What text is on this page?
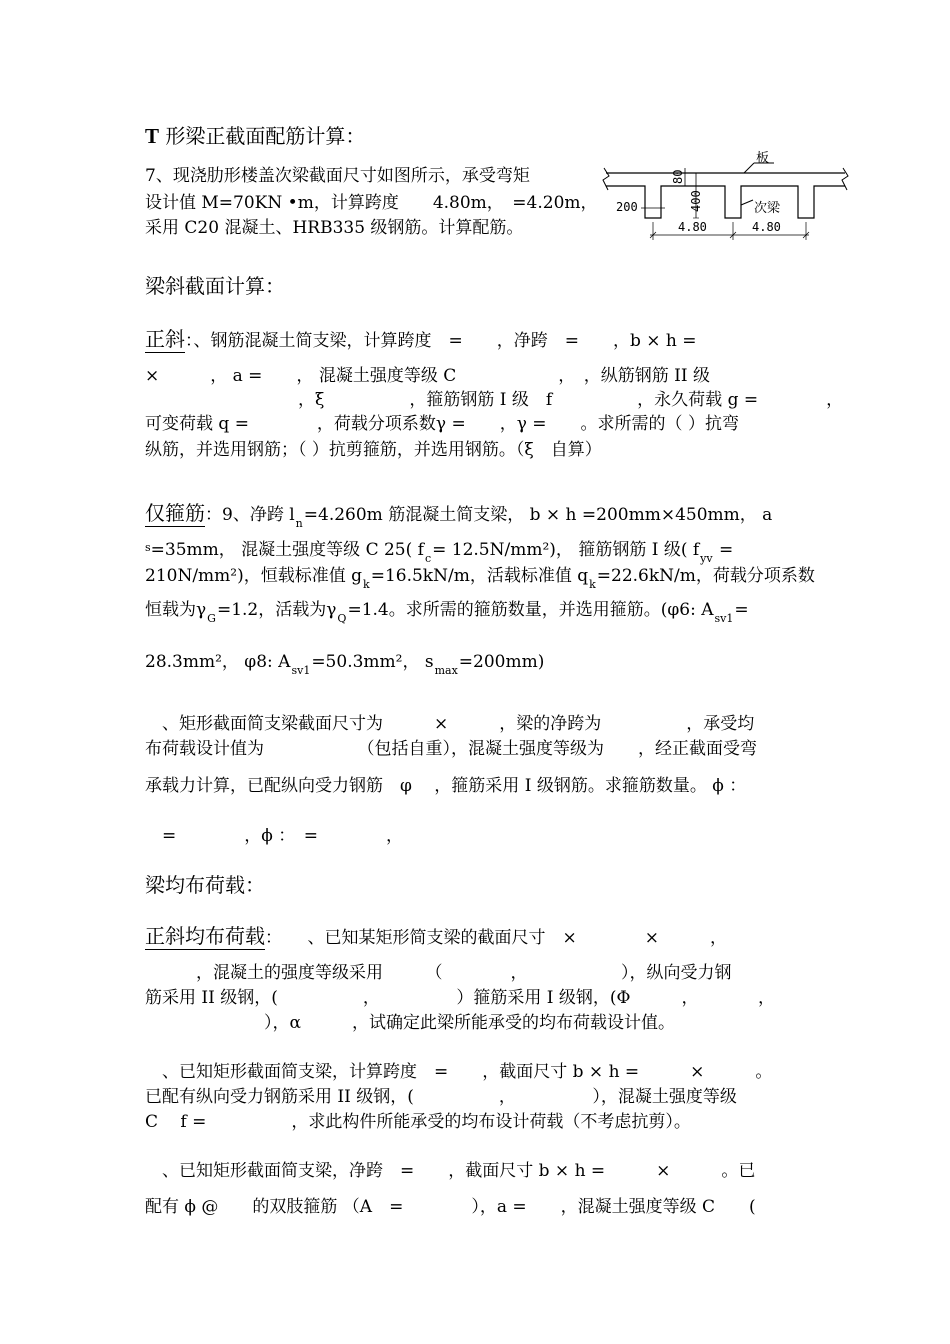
T 形梁正截面配筋计算：
7、现浇肋形楼盖次梁截面尺寸如图所示，承受弯矩
设计值 M=70KN •m，计算跨度　　4.80m，　=4.20m，
采用 C20 混凝土、HRB335 级钢筋。计算配筋。
板
次梁
80
400
200
4.80	4.80
梁斜截面计算：
正斜：、钢筋混凝土简支梁，计算跨度　=　　，净跨　=　　，b × h =
×　　　， a =　　， 混凝土强度等级 C　　　　　　，　，纵筋钢筋 II 级
　　　　　　　　　，ξ　　　　　，箍筋钢筋 I 级　f　　　　　，永久荷载 g =　　　　，
可变荷载 q =　　　　，荷载分项系数γ =　　，γ =　　。求所需的（ ）抗弯
纵筋，并选用钢筋；（ ）抗剪箍筋，并选用钢筋。（ξ　自算）
仅箍筋：9、净跨 $l_n=4.260m$ 筋混凝土简支梁， b × h =200mm×450mm， a
$^s$=35mm， 混凝土强度等级 C 25( $f_c= 12.5N/mm^2$)， 箍筋钢筋 I 级( $f_{yv}$ =
210N/mm²)，恒载标准值 $g_k=16.5kN/m$，活载标准值 $q_k=22.6kN/m$，荷载分项系数
恒载为$\gamma_G=1.2$，活载为$\gamma_Q=1.4$。求所需的箍筋数量，并选用箍筋。(φ6: $A_{sv1}=$
28.3mm²， φ8: $A_{sv1}=50.3mm^2$， $s_{max}=200mm$)
　、矩形截面简支梁截面尺寸为　　　×　　　，梁的净跨为　　　　　，承受均
布荷载设计值为　　　　　　（包括自重），混凝土强度等级为　　，经正截面受弯
承载力计算，已配纵向受力钢筋　φ　 ，箍筋采用 I 级钢筋。求箍筋数量。 ϕ ：
　=　　　　，ϕ ：　=　　　　，
梁均布荷载：
正斜均布荷载：　　、已知某矩形简支梁的截面尺寸　×　　　　×　　　，
　　　，混凝土的强度等级采用　　　（　　　　，　　　　　　），纵向受力钢
筋采用 II 级钢，(　　　　　，　　　　　）箍筋采用 I 级钢，(Φ　　　，　　　　，
　　　　　　　），α　　　，试确定此梁所能承受的均布荷载设计值。
　、已知矩形截面简支梁，计算跨度　=　　，截面尺寸 b × h =　　　×　　　。
已配有纵向受力钢筋采用 II 级钢，(　　　　　，　　　　　），混凝土强度等级
C　 f =　　　　　，求此构件所能承受的均布设计荷载（不考虑抗剪）。
　、已知矩形截面简支梁，净跨　=　　，截面尺寸 b × h =　　　×　　　。已
配有 ϕ @　　的双肢箍筋 （A　=　　　　），a =　　，混凝土强度等级 C　　(
